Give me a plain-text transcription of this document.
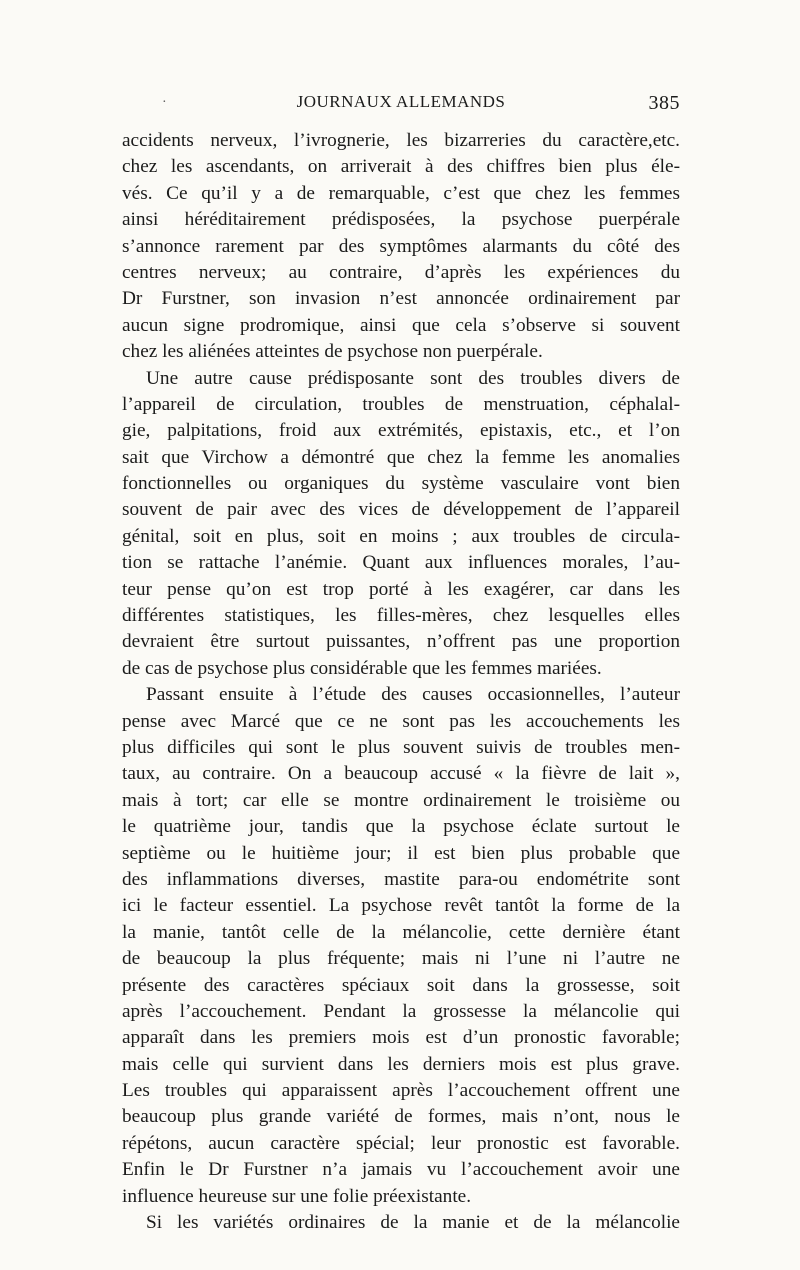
·	JOURNAUX ALLEMANDS	385
accidents nerveux, l’ivrognerie, les bizarreries du caractère,etc.
chez les ascendants, on arriverait à des chiffres bien plus éle-
vés. Ce qu’il y a de remarquable, c’est que chez les femmes
ainsi héréditairement prédisposées, la psychose puerpérale
s’annonce rarement par des symptômes alarmants du côté des
centres nerveux; au contraire, d’après les expériences du
Dr Furstner, son invasion n’est annoncée ordinairement par
aucun signe prodromique, ainsi que cela s’observe si souvent
chez les aliénées atteintes de psychose non puerpérale.
Une autre cause prédisposante sont des troubles divers de
l’appareil de circulation, troubles de menstruation, céphalal-
gie, palpitations, froid aux extrémités, epistaxis, etc., et l’on
sait que Virchow a démontré que chez la femme les anomalies
fonctionnelles ou organiques du système vasculaire vont bien
souvent de pair avec des vices de développement de l’appareil
génital, soit en plus, soit en moins ; aux troubles de circula-
tion se rattache l’anémie. Quant aux influences morales, l’au-
teur pense qu’on est trop porté à les exagérer, car dans les
différentes statistiques, les filles-mères, chez lesquelles elles
devraient être surtout puissantes, n’offrent pas une proportion
de cas de psychose plus considérable que les femmes mariées.
Passant ensuite à l’étude des causes occasionnelles, l’auteur
pense avec Marcé que ce ne sont pas les accouchements les
plus difficiles qui sont le plus souvent suivis de troubles men-
taux, au contraire. On a beaucoup accusé « la fièvre de lait »,
mais à tort; car elle se montre ordinairement le troisième ou
le quatrième jour, tandis que la psychose éclate surtout le
septième ou le huitième jour; il est bien plus probable que
des inflammations diverses, mastite para-ou endométrite sont
ici le facteur essentiel. La psychose revêt tantôt la forme de la
la manie, tantôt celle de la mélancolie, cette dernière étant
de beaucoup la plus fréquente; mais ni l’une ni l’autre ne
présente des caractères spéciaux soit dans la grossesse, soit
après l’accouchement. Pendant la grossesse la mélancolie qui
apparaît dans les premiers mois est d’un pronostic favorable;
mais celle qui survient dans les derniers mois est plus grave.
Les troubles qui apparaissent après l’accouchement offrent une
beaucoup plus grande variété de formes, mais n’ont, nous le
répétons, aucun caractère spécial; leur pronostic est favorable.
Enfin le Dr Furstner n’a jamais vu l’accouchement avoir une
influence heureuse sur une folie préexistante.
Si les variétés ordinaires de la manie et de la mélancolie
